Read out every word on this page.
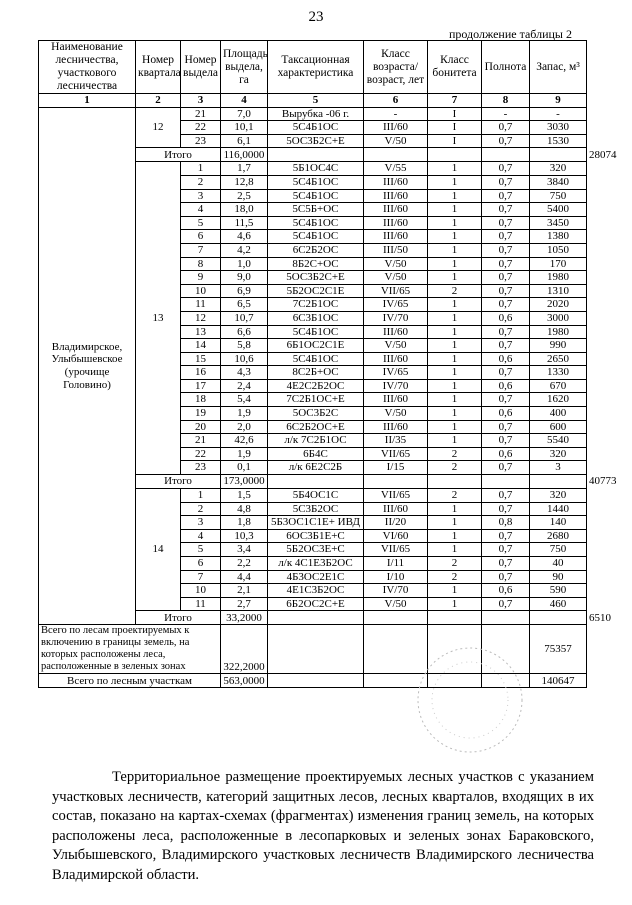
23
продолжение таблицы 2
Наименование лесничества, участкового лесничества	Номер квартала	Номер выдела	Площадь выдела, га	Таксационная характеристика	Класс возраста/ возраст, лет	Класс бонитета	Полнота	Запас, м³	
1	2	3	4	5	6	7	8	9	
Владимирское, Улыбышевское (урочище Головино)	12	21	7,0	Вырубка -06 г.	-	I	-	-	
		22	10,1	5С4Б1ОС	III/60	I	0,7	3030	
		23	6,1	5ОС3Б2С+Е	V/50	I	0,7	1530	
	Итого		116,0000						28074
	13	1	1,7	5Б1ОС4С	V/55	1	0,7	320	
		2	12,8	5С4Б1ОС	III/60	1	0,7	3840	
		3	2,5	5С4Б1ОС	III/60	1	0,7	750	
		4	18,0	5С5Б+ОС	III/60	1	0,7	5400	
		5	11,5	5С4Б1ОС	III/60	1	0,7	3450	
		6	4,6	5С4Б1ОС	III/60	1	0,7	1380	
		7	4,2	6С2Б2ОС	III/50	1	0,7	1050	
		8	1,0	8Б2С+ОС	V/50	1	0,7	170	
		9	9,0	5ОС3Б2С+Е	V/50	1	0,7	1980	
		10	6,9	5Б2ОС2С1Е	VII/65	2	0,7	1310	
		11	6,5	7С2Б1ОС	IV/65	1	0,7	2020	
		12	10,7	6С3Б1ОС	IV/70	1	0,6	3000	
		13	6,6	5С4Б1ОС	III/60	1	0,7	1980	
		14	5,8	6Б1ОС2С1Е	V/50	1	0,7	990	
		15	10,6	5С4Б1ОС	III/60	1	0,6	2650	
		16	4,3	8С2Б+ОС	IV/65	1	0,7	1330	
		17	2,4	4Е2С2Б2ОС	IV/70	1	0,6	670	
		18	5,4	7С2Б1ОС+Е	III/60	1	0,7	1620	
		19	1,9	5ОС3Б2С	V/50	1	0,6	400	
		20	2,0	6С2Б2ОС+Е	III/60	1	0,7	600	
		21	42,6	л/к 7С2Б1ОС	II/35	1	0,7	5540	
		22	1,9	6Б4С	VII/65	2	0,6	320	
		23	0,1	л/к 6Е2С2Б	I/15	2	0,7	3	
	Итого		173,0000						40773
	14	1	1,5	5Б4ОС1С	VII/65	2	0,7	320	
		2	4,8	5С3Б2ОС	III/60	1	0,7	1440	
		3	1,8	5Б3ОС1С1Е+ ИВД	II/20	1	0,8	140	
		4	10,3	6ОС3Б1Е+С	VI/60	1	0,7	2680	
		5	3,4	5Б2ОС3Е+С	VII/65	1	0,7	750	
		6	2,2	л/к 4С1Е3Б2ОС	I/11	2	0,7	40	
		7	4,4	4Б3ОС2Е1С	I/10	2	0,7	90	
		10	2,1	4Е1С3Б2ОС	IV/70	1	0,6	590	
		11	2,7	6Б2ОС2С+Е	V/50	1	0,7	460	
	Итого		33,2000						6510
Всего по лесам проектируемых к включению в границы земель, на которых расположены леса, расположенные в зеленых зонах			322,2000					75357	
Всего по лесным участкам			563,0000					140647	
Территориальное размещение проектируемых лесных участков с указанием участковых лесничеств, категорий защитных лесов, лесных кварталов, входящих в их состав, показано на картах-схемах (фрагментах) изменения границ земель, на которых расположены леса, расположенные в лесопарковых и зеленых зонах Бараковского, Улыбышевского, Владимирского участковых лесничеств Владимирского лесничества Владимирской области.
